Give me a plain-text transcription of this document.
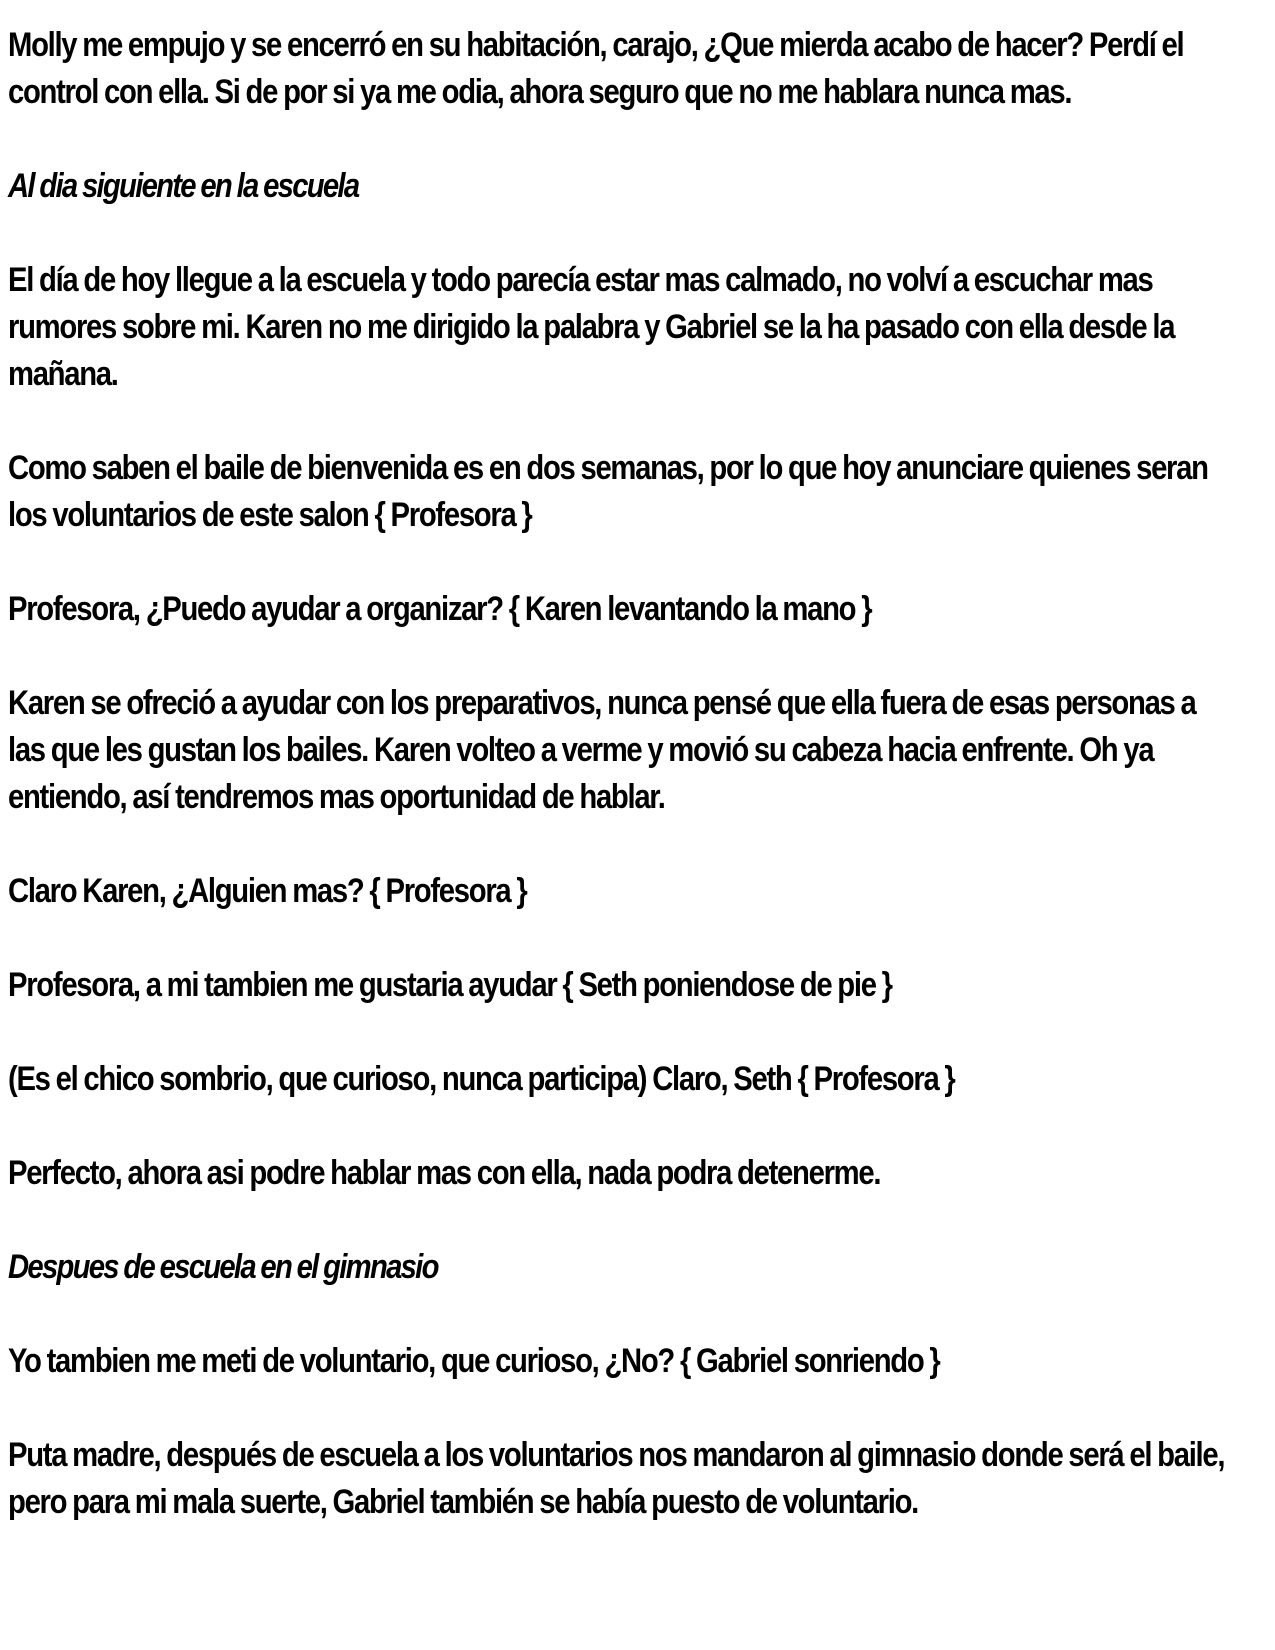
Molly me empujo y se encerró en su habitación, carajo, ¿Que mierda acabo de hacer? Perdí el control con ella. Si de por si ya me odia, ahora seguro que no me hablara nunca mas.

Al dia siguiente en la escuela

El día de hoy llegue a la escuela y todo parecía estar mas calmado, no volví a escuchar mas rumores sobre mi. Karen no me dirigido la palabra y Gabriel se la ha pasado con ella desde la mañana.

Como saben el baile de bienvenida es en dos semanas, por lo que hoy anunciare quienes seran los voluntarios de este salon { Profesora }

Profesora, ¿Puedo ayudar a organizar? { Karen levantando la mano }

Karen se ofreció a ayudar con los preparativos, nunca pensé que ella fuera de esas personas a las que les gustan los bailes. Karen volteo a verme y movió su cabeza hacia enfrente. Oh ya entiendo, así tendremos mas oportunidad de hablar.

Claro Karen, ¿Alguien mas? { Profesora }

Profesora, a mi tambien me gustaria ayudar { Seth poniendose de pie }

(Es el chico sombrio, que curioso, nunca participa) Claro, Seth { Profesora }

Perfecto, ahora asi podre hablar mas con ella, nada podra detenerme.

Despues de escuela en el gimnasio

Yo tambien me meti de voluntario, que curioso, ¿No? { Gabriel sonriendo }

Puta madre, después de escuela a los voluntarios nos mandaron al gimnasio donde será el baile, pero para mi mala suerte, Gabriel también se había puesto de voluntario.
